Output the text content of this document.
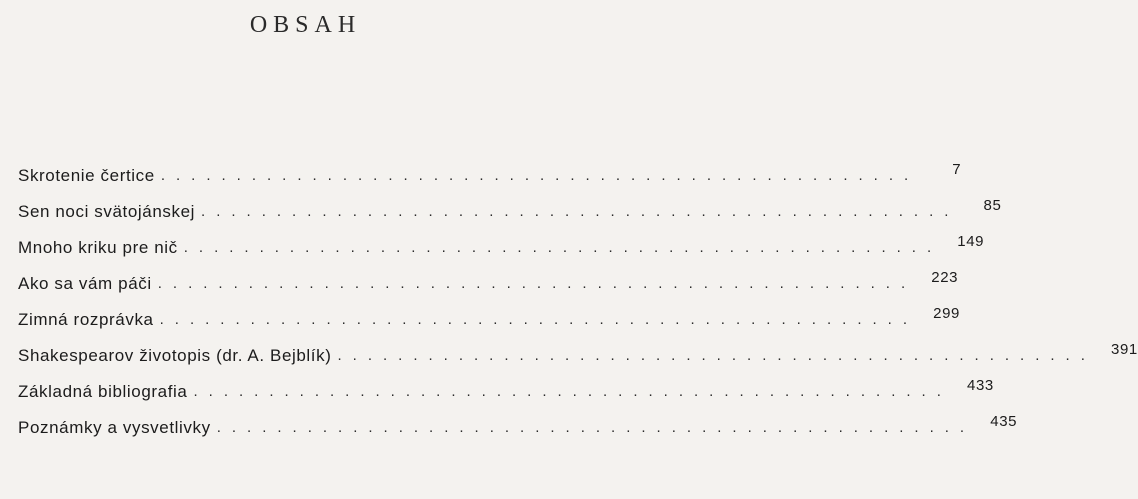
OBSAH
Skrotenie čertice ..................................................	7
Sen noci svätojánskej ..................................................	85
Mnoho kriku pre nič ..................................................	149
Ako sa vám páči ..................................................	223
Zimná rozprávka ..................................................	299
Shakespearov životopis (dr. A. Bejblík) ..................................................	391
Základná bibliografia ..................................................	433
Poznámky a vysvetlivky ..................................................	435
